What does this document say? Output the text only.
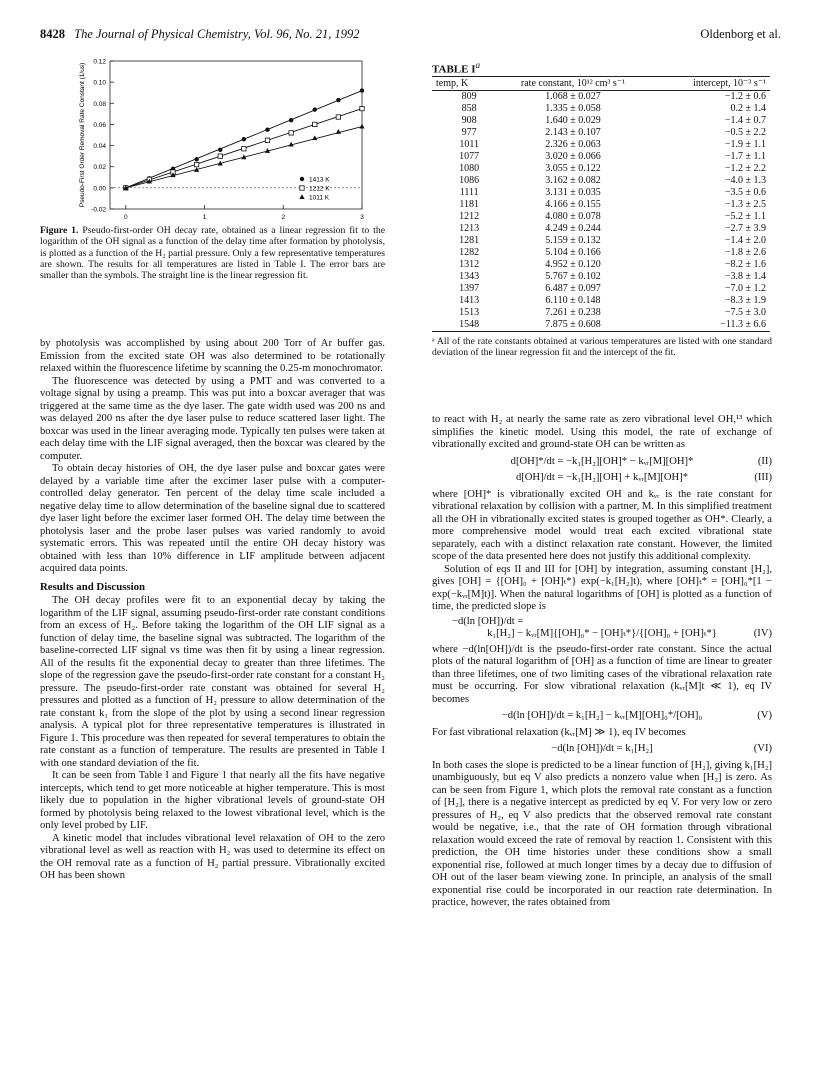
8428 The Journal of Physical Chemistry, Vol. 96, No. 21, 1992	Oldenborg et al.
-0.02
0.00
0.02
0.04
0.06
0.08
0.10
0.12
0	1	2	3
Pseudo-First Order Removal Rate Constant (1/us)	1413 K
1212 K
1011 K
Figure 1. Pseudo-first-order OH decay rate, obtained as a linear regression fit to the logarithm of the OH signal as a function of the delay time after formation by photolysis, is plotted as a function of the H₂ partial pressure. Only a few representative temperatures are shown. The results for all temperatures are listed in Table I. The error bars are smaller than the symbols. The straight line is the linear regression fit.

by photolysis was accomplished by using about 200 Torr of Ar buffer gas. Emission from the excited state OH was also determined to be rotationally relaxed within the fluorescence lifetime by scanning the 0.25-m monochromator.

The fluorescence was detected by using a PMT and was converted to a voltage signal by using a preamp. This was put into a boxcar averager that was triggered at the same time as the dye laser. The gate width used was 200 ns and was delayed 200 ns after the dye laser pulse to reduce scattered laser light. The boxcar was used in the linear averaging mode. Typically ten pulses were taken at each delay time with the LIF signal averaged, then the boxcar was cleared by the computer.

To obtain decay histories of OH, the dye laser pulse and boxcar gates were delayed by a variable time after the excimer laser pulse with a computer-controlled delay generator. Ten percent of the delay time scale included a negative delay time to allow determination of the baseline signal due to scattered dye laser light before the excimer laser formed OH. The delay time between the photolysis laser and the probe laser pulses was varied randomly to avoid systematic errors. This was repeated until the entire OH decay history was obtained with less than 10% difference in LIF amplitude between adjacent acquired data points.

Results and Discussion

The OH decay profiles were fit to an exponential decay by taking the logarithm of the LIF signal, assuming pseudo-first-order rate constant conditions from an excess of H₂. Before taking the logarithm of the OH LIF signal as a function of delay time, the baseline signal was subtracted. The logarithm of the baseline-corrected LIF signal vs time was then fit by using a linear regression. All of the results fit the exponential decay to greater than three lifetimes. The slope of the regression gave the pseudo-first-order rate constant for a constant H₂ pressure. The pseudo-first-order rate constant was obtained for several H₂ pressures and plotted as a function of H₂ pressure to allow determination of the rate constant k₁ from the slope of the plot by using a second linear regression analysis. A typical plot for three representative temperatures is illustrated in Figure 1. This procedure was then repeated for several temperatures to obtain the rate constant as a function of temperature. The results are presented in Table I with one standard deviation of the fit.

It can be seen from Table I and Figure 1 that nearly all the fits have negative intercepts, which tend to get more noticeable at higher temperature. This is most likely due to population in the higher vibrational levels of ground-state OH formed by photolysis being relaxed to the lowest vibrational level, which is the only level probed by LIF.

A kinetic model that includes vibrational level relaxation of OH to the zero vibrational level as well as reaction with H₂ was used to determine its effect on the OH removal rate as a function of H₂ partial pressure. Vibrationally excited OH has been shown

TABLE $I^a$
temp, K	rate constant, 10¹² cm³ s⁻¹	intercept, 10⁻³ s⁻¹
809	1.068 ± 0.027	−1.2 ± 0.6
858	1.335 ± 0.058	0.2 ± 1.4
908	1.640 ± 0.029	−1.4 ± 0.7
977	2.143 ± 0.107	−0.5 ± 2.2
1011	2.326 ± 0.063	−1.9 ± 1.1
1077	3.020 ± 0.066	−1.7 ± 1.1
1080	3.055 ± 0.122	−1.2 ± 2.2
1086	3.162 ± 0.082	−4.0 ± 1.3
1111	3.131 ± 0.035	−3.5 ± 0.6
1181	4.166 ± 0.155	−1.3 ± 2.5
1212	4.080 ± 0.078	−5.2 ± 1.1
1213	4.249 ± 0.244	−2.7 ± 3.9
1281	5.159 ± 0.132	−1.4 ± 2.0
1282	5.104 ± 0.166	−1.8 ± 2.6
1312	4.952 ± 0.120	−8.2 ± 1.6
1343	5.767 ± 0.102	−3.8 ± 1.4
1397	6.487 ± 0.097	−7.0 ± 1.2
1413	6.110 ± 0.148	−8.3 ± 1.9
1513	7.261 ± 0.238	−7.5 ± 3.0
1548	7.875 ± 0.608	−11.3 ± 6.6
ᵃ All of the rate constants obtained at various temperatures are listed with one standard deviation of the linear regression fit and the intercept of the fit.

to react with H₂ at nearly the same rate as zero vibrational level OH,¹³ which simplifies the kinetic model. Using this model, the rate of exchange of vibrationally excited and ground-state OH can be written as

d[OH]*/dt = −k₁[H₂][OH]* − kᵥᵣ[M][OH]*	(II)
d[OH]/dt = −k₁[H₂][OH] + kᵥᵣ[M][OH]*	(III)

where [OH]* is vibrationally excited OH and kᵥᵣ is the rate constant for vibrational relaxation by collision with a partner, M. In this simplified treatment all the OH in vibrationally excited states is grouped together as OH*. Clearly, a more comprehensive model would treat each excited vibrational state separately, each with a distinct relaxation rate constant. However, the limited scope of the data presented here does not justify this additional complexity.

Solution of eqs II and III for [OH] by integration, assuming constant [H₂], gives [OH] = {[OH]₀ + [OH]ₜ*} exp(−k₁[H₂]t), where [OH]ₜ* = [OH]₀*[1 − exp(−kᵥᵣ[M]t)]. When the natural logarithms of [OH] is plotted as a function of time, the predicted slope is

−d(ln [OH])/dt =
k₁[H₂] − kᵥᵣ[M]{[OH]₀* − [OH]ₜ*}/{[OH]₀ + [OH]ₜ*}	(IV)

where −d(ln[OH])/dt is the pseudo-first-order rate constant. Since the actual plots of the natural logarithm of [OH] as a function of time are linear to greater than three lifetimes, one of two limiting cases of the vibrational relaxation rate must be occurring. For slow vibrational relaxation (kᵥᵣ[M]t ≪ 1), eq IV becomes

−d(ln [OH])/dt = k₁[H₂] − kᵥᵣ[M][OH]₀*/[OH]₀	(V)

For fast vibrational relaxation (kᵥᵣ[M] ≫ 1), eq IV becomes

−d(ln [OH])/dt = k₁[H₂]	(VI)

In both cases the slope is predicted to be a linear function of [H₂], giving k₁[H₂] unambiguously, but eq V also predicts a nonzero value when [H₂] is zero. As can be seen from Figure 1, which plots the removal rate constant as a function of [H₂], there is a negative intercept as predicted by eq V. For very low or zero pressures of H₂, eq V also predicts that the observed removal rate constant would be negative, i.e., that the rate of OH formation through vibrational relaxation would exceed the rate of removal by reaction 1. Consistent with this prediction, the OH time histories under these conditions show a small exponential rise, followed at much longer times by a decay due to diffusion of OH out of the laser beam viewing zone. In principle, an analysis of the small exponential rise could be incorporated in our reaction rate determination. In practice, however, the rates obtained from
